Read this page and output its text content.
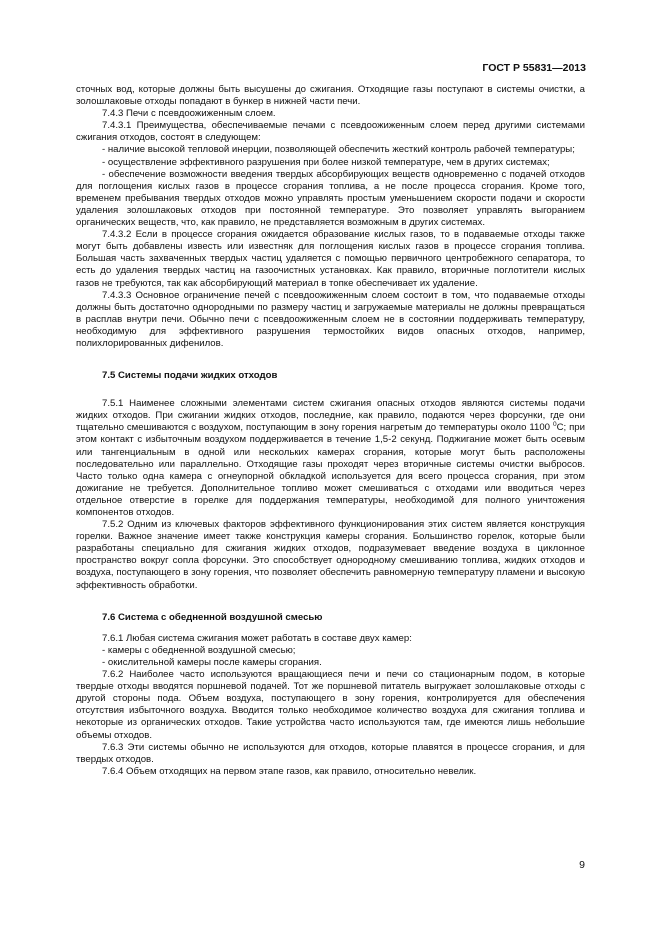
ГОСТ Р 55831—2013

сточных вод, которые должны быть высушены до сжигания. Отходящие газы поступают в системы очистки, а золошлаковые отходы попадают в бункер в нижней части печи.

7.4.3 Печи с псевдоожиженным слоем.

7.4.3.1 Преимущества, обеспечиваемые печами с псевдоожиженным слоем перед другими системами сжигания отходов, состоят в следующем:

- наличие высокой тепловой инерции, позволяющей обеспечить жесткий контроль рабочей температуры;

- осуществление эффективного разрушения при более низкой температуре, чем в других системах;

- обеспечение возможности введения твердых абсорбирующих веществ одновременно с подачей отходов для поглощения кислых газов в процессе сгорания топлива, а не после процесса сгорания. Кроме того, временем пребывания твердых отходов можно управлять простым уменьшением скорости подачи и скорости удаления золошлаковых отходов при постоянной температуре. Это позволяет управлять выгоранием органических веществ, что, как правило, не представляется возможным в других системах.

7.4.3.2 Если в процессе сгорания ожидается образование кислых газов, то в подаваемые отходы также могут быть добавлены известь или известняк для поглощения кислых газов в процессе сгорания топлива. Большая часть захваченных твердых частиц удаляется с помощью первичного центробежного сепаратора, то есть до удаления твердых частиц на газоочистных установках. Как правило, вторичные поглотители кислых газов не требуются, так как абсорбирующий материал в топке обеспечивает их удаление.

7.4.3.3 Основное ограничение печей с псевдоожиженным слоем состоит в том, что подаваемые отходы должны быть достаточно однородными по размеру частиц и загружаемые материалы не должны превращаться в расплав внутри печи. Обычно печи с псевдоожиженным слоем не в состоянии поддерживать температуру, необходимую для эффективного разрушения термостойких видов опасных отходов, например, полихлорированных дифенилов.

7.5 Системы подачи жидких отходов

7.5.1 Наименее сложными элементами систем сжигания опасных отходов являются системы подачи жидких отходов. При сжигании жидких отходов, последние, как правило, подаются через форсунки, где они тщательно смешиваются с воздухом, поступающим в зону горения нагретым до температуры около 1100 $^0$С; при этом контакт с избыточным воздухом поддерживается в течение 1,5-2 секунд. Поджигание может быть осевым или тангенциальным в одной или нескольких камерах сгорания, которые могут быть расположены последовательно или параллельно. Отходящие газы проходят через вторичные системы очистки выбросов. Часто только одна камера с огнеупорной обкладкой используется для всего процесса сгорания, при этом дожигание не требуется. Дополнительное топливо может смешиваться с отходами или вводиться через отдельное отверстие в горелке для поддержания температуры, необходимой для полного уничтожения компонентов отходов.

7.5.2 Одним из ключевых факторов эффективного функционирования этих систем является конструкция горелки. Важное значение имеет также конструкция камеры сгорания. Большинство горелок, которые были разработаны специально для сжигания жидких отходов, подразумевает введение воздуха в циклонное пространство вокруг сопла форсунки. Это способствует однородному смешиванию топлива, жидких отходов и воздуха, поступающего в зону горения, что позволяет обеспечить равномерную температуру пламени и высокую эффективность обработки.

7.6 Система с обедненной воздушной смесью

7.6.1 Любая система сжигания может работать в составе двух камер:

- камеры с обедненной воздушной смесью;

- окислительной камеры после камеры сгорания.

7.6.2 Наиболее часто используются вращающиеся печи и печи со стационарным подом, в которые твердые отходы вводятся поршневой подачей. Тот же поршневой питатель выгружает золошлаковые отходы с другой стороны пода. Объем воздуха, поступающего в зону горения, контролируется для обеспечения отсутствия избыточного воздуха. Вводится только необходимое количество воздуха для сжигания топлива и некоторые из органических отходов. Такие устройства часто используются там, где имеются лишь небольшие объемы отходов.

7.6.3 Эти системы обычно не используются для отходов, которые плавятся в процессе сгорания, и для твердых отходов.

7.6.4 Объем отходящих на первом этапе газов, как правило, относительно невелик.

9
